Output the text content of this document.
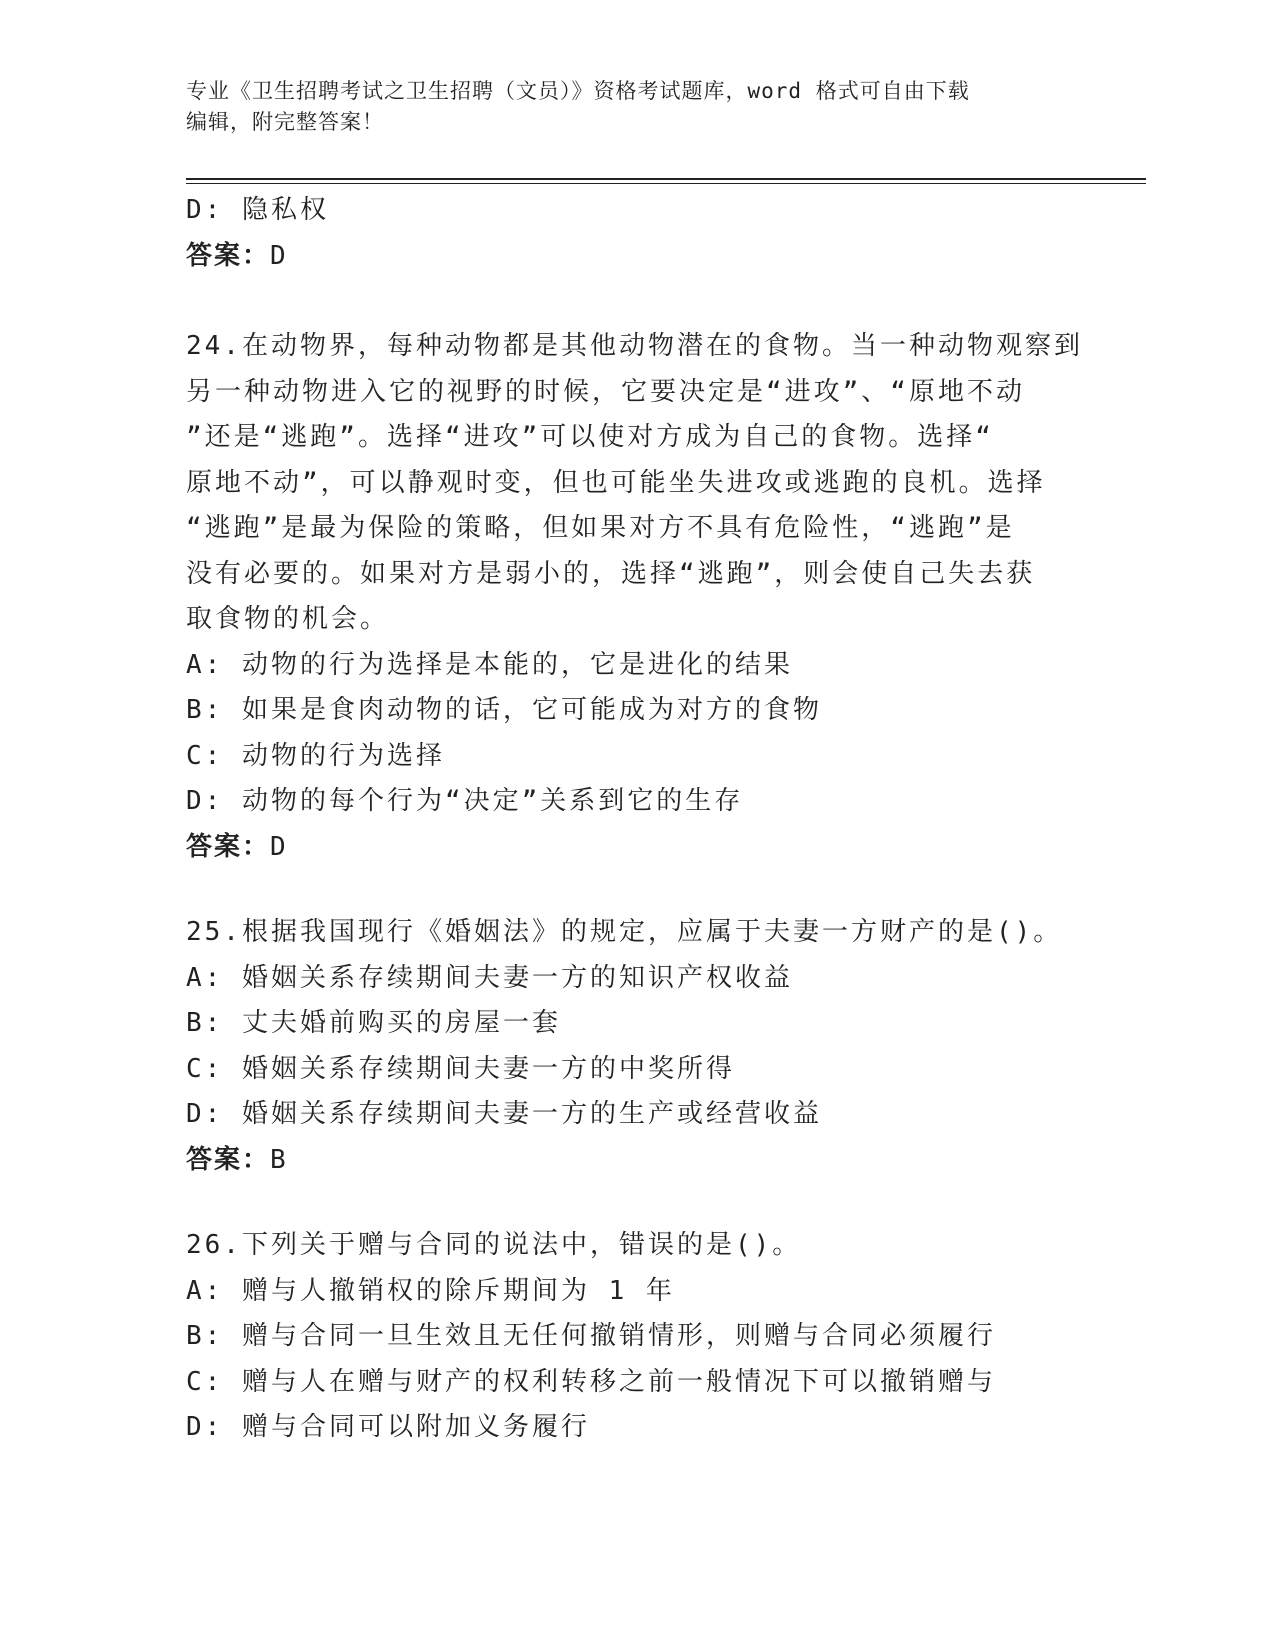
专业《卫生招聘考试之卫生招聘（文员）》资格考试题库，word 格式可自由下载
编辑，附完整答案！
D: 隐私权
答案：D
24.在动物界，每种动物都是其他动物潜在的食物。当一种动物观察到
另一种动物进入它的视野的时候，它要决定是“进攻”、“原地不动
”还是“逃跑”。选择“进攻”可以使对方成为自己的食物。选择“
原地不动”，可以静观时变，但也可能坐失进攻或逃跑的良机。选择
“逃跑”是最为保险的策略，但如果对方不具有危险性，“逃跑”是
没有必要的。如果对方是弱小的，选择“逃跑”，则会使自己失去获
取食物的机会。
A: 动物的行为选择是本能的，它是进化的结果
B: 如果是食肉动物的话，它可能成为对方的食物
C: 动物的行为选择
D: 动物的每个行为“决定”关系到它的生存
答案：D
25.根据我国现行《婚姻法》的规定，应属于夫妻一方财产的是()。
A: 婚姻关系存续期间夫妻一方的知识产权收益
B: 丈夫婚前购买的房屋一套
C: 婚姻关系存续期间夫妻一方的中奖所得
D: 婚姻关系存续期间夫妻一方的生产或经营收益
答案：B
26.下列关于赠与合同的说法中，错误的是()。
A: 赠与人撤销权的除斥期间为 1 年
B: 赠与合同一旦生效且无任何撤销情形，则赠与合同必须履行
C: 赠与人在赠与财产的权利转移之前一般情况下可以撤销赠与
D: 赠与合同可以附加义务履行
